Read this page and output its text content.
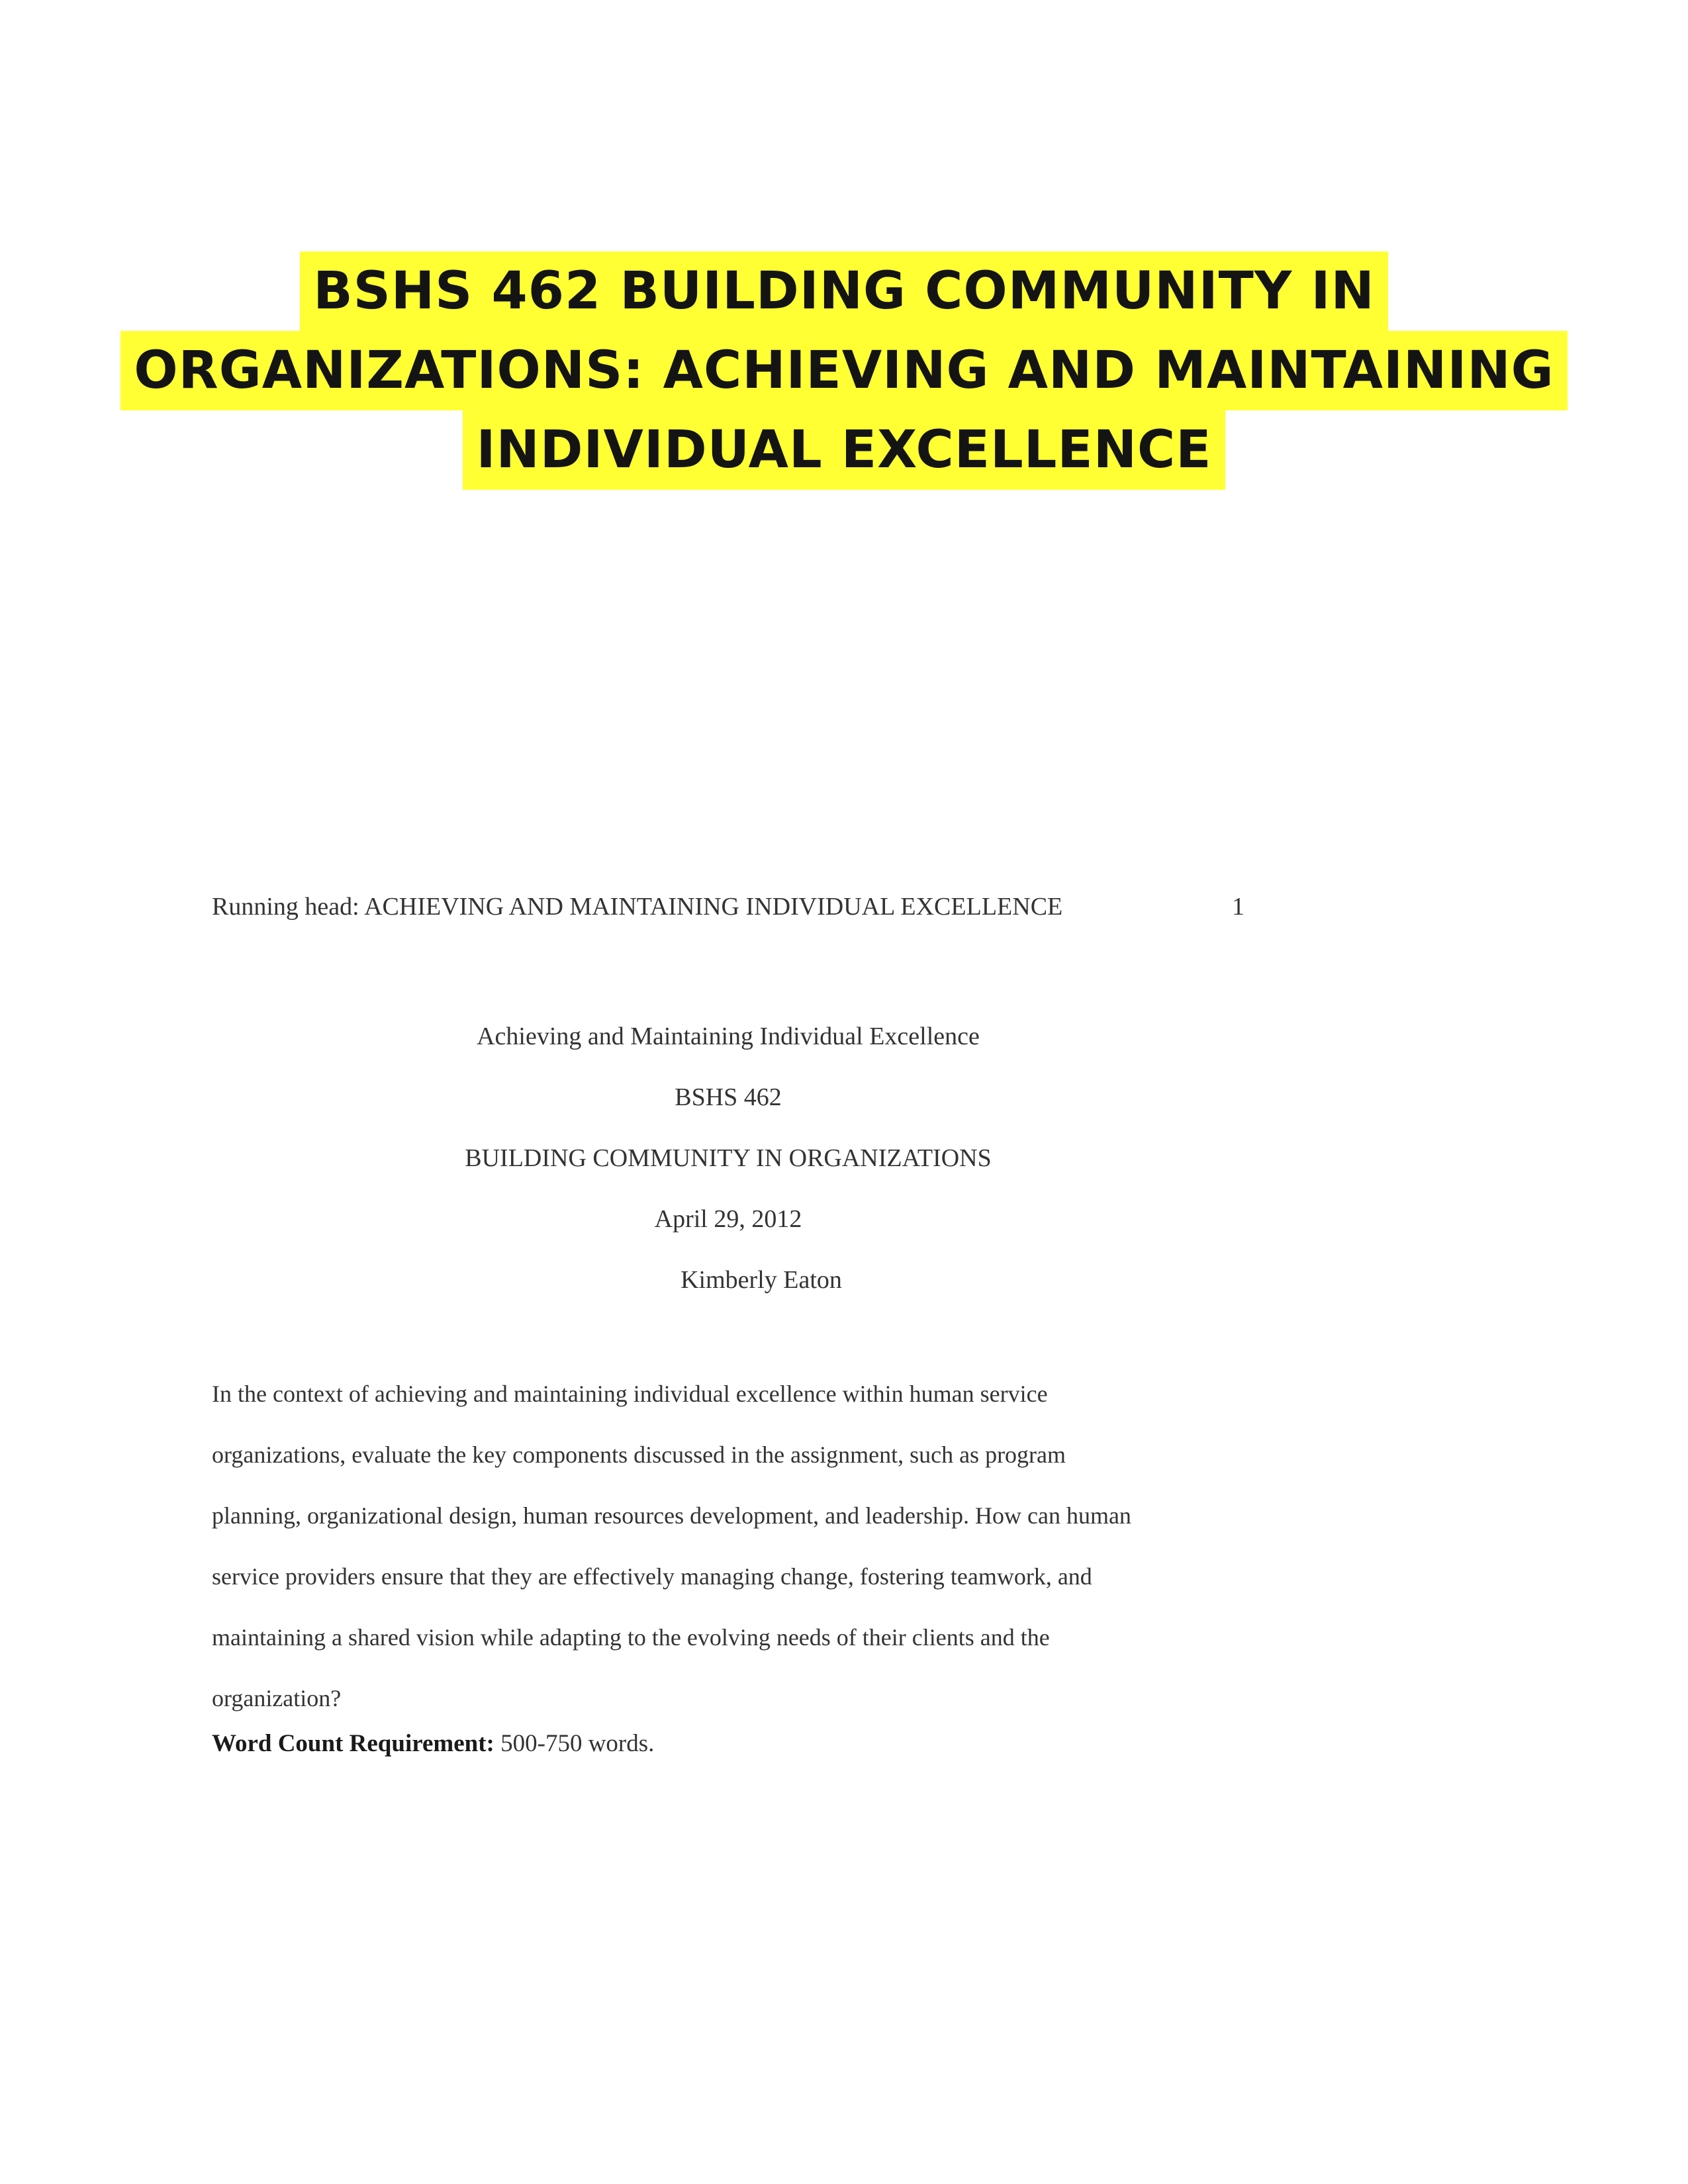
BSHS 462 BUILDING COMMUNITY IN
ORGANIZATIONS: ACHIEVING AND MAINTAINING
INDIVIDUAL EXCELLENCE
Running head: ACHIEVING AND MAINTAINING INDIVIDUAL EXCELLENCE	1
Achieving and Maintaining Individual Excellence
BSHS 462
BUILDING COMMUNITY IN ORGANIZATIONS
April 29, 2012
Kimberly Eaton
In the context of achieving and maintaining individual excellence within human service
organizations, evaluate the key components discussed in the assignment, such as program
planning, organizational design, human resources development, and leadership. How can human
service providers ensure that they are effectively managing change, fostering teamwork, and
maintaining a shared vision while adapting to the evolving needs of their clients and the
organization?
Word Count Requirement: 500-750 words.
